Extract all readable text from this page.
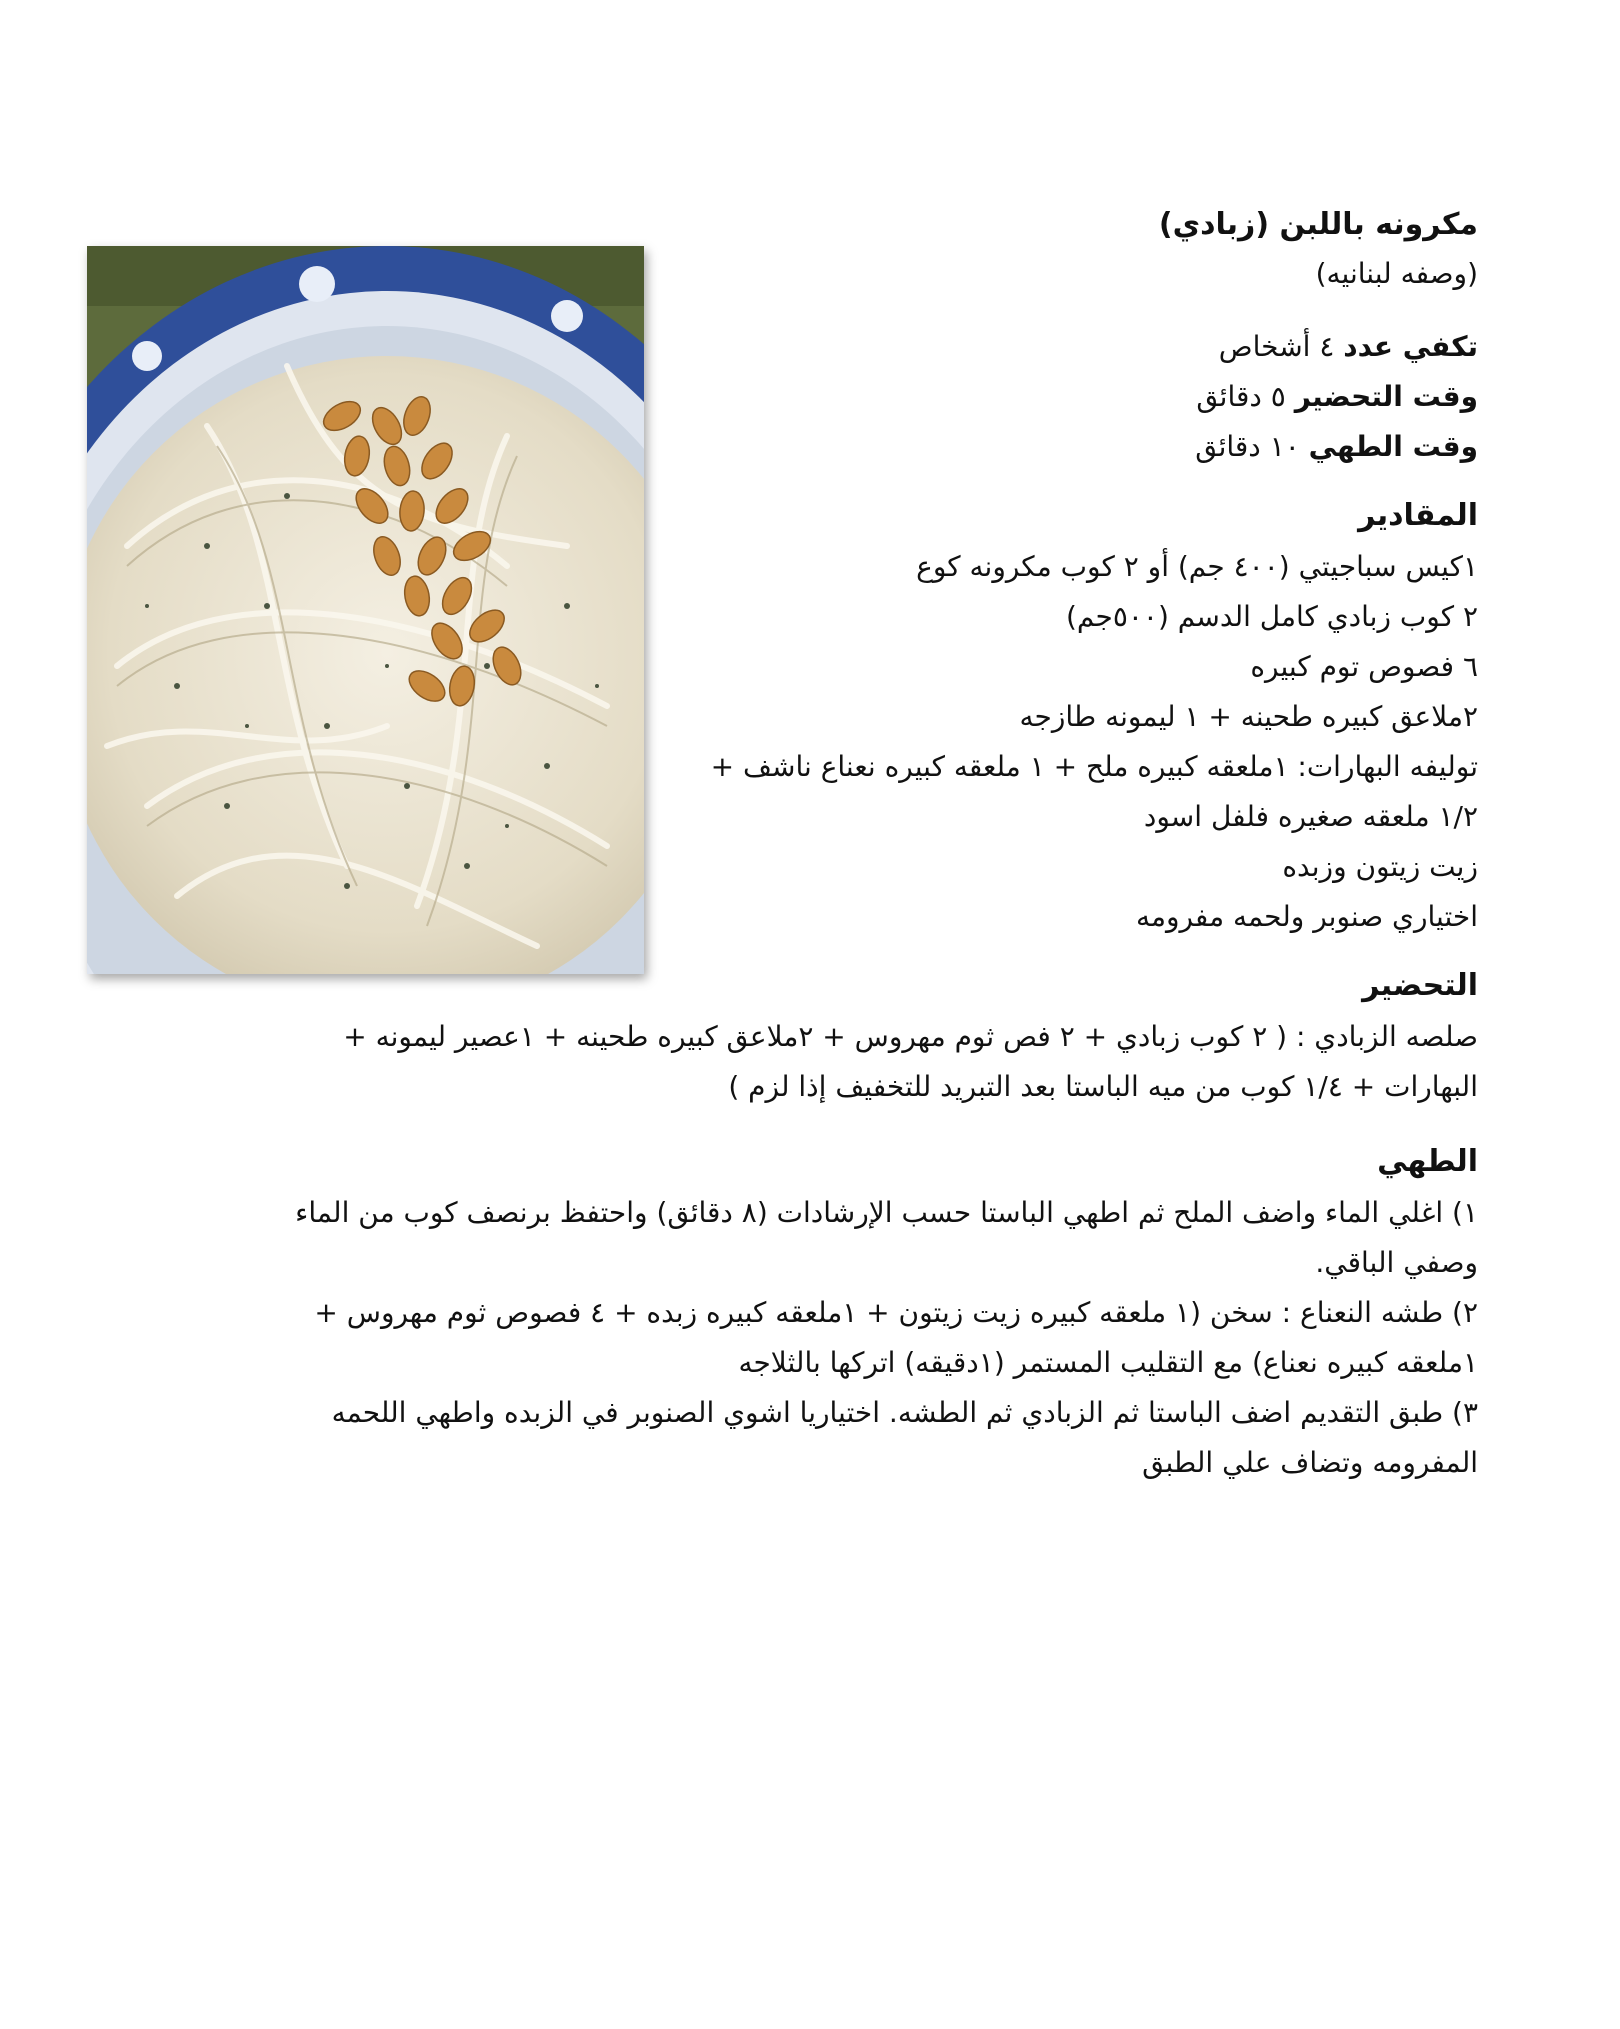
مكرونه باللبن (زبادي)
(وصفه لبنانيه)
تكفي عدد ٤ أشخاص
وقت التحضير ٥ دقائق
وقت الطهي ١٠ دقائق
المقادير
١كيس سباجيتي (٤٠٠ جم) أو ٢ كوب مكرونه كوع
٢ كوب زبادي كامل الدسم (٥٠٠جم)
٦ فصوص توم كبيره
٢ملاعق كبيره طحينه + ١ ليمونه طازجه
توليفه البهارات: ١ملعقه كبيره ملح + ١ ملعقه كبيره نعناع ناشف +
١/٢ ملعقه صغيره فلفل اسود
زيت زيتون وزبده
اختياري صنوبر ولحمه مفرومه
التحضير
صلصه الزبادي : ( ٢ كوب زبادي + ٢ فص ثوم مهروس + ٢ملاعق كبيره طحينه + ١عصير ليمونه +
البهارات + ١/٤ كوب من ميه الباستا بعد التبريد للتخفيف إذا لزم )
الطهي
١) اغلي الماء واضف الملح ثم اطهي الباستا حسب الإرشادات (٨ دقائق) واحتفظ برنصف كوب من الماء
وصفي الباقي.
٢) طشه النعناع : سخن (١ ملعقه كبيره زيت زيتون + ١ملعقه كبيره زبده + ٤ فصوص ثوم مهروس +
١ملعقه كبيره نعناع) مع التقليب المستمر (١دقيقه) اتركها بالثلاجه
٣) طبق التقديم اضف الباستا ثم الزبادي ثم الطشه. اختياريا اشوي الصنوبر في الزبده واطهي اللحمه
المفرومه وتضاف علي الطبق
